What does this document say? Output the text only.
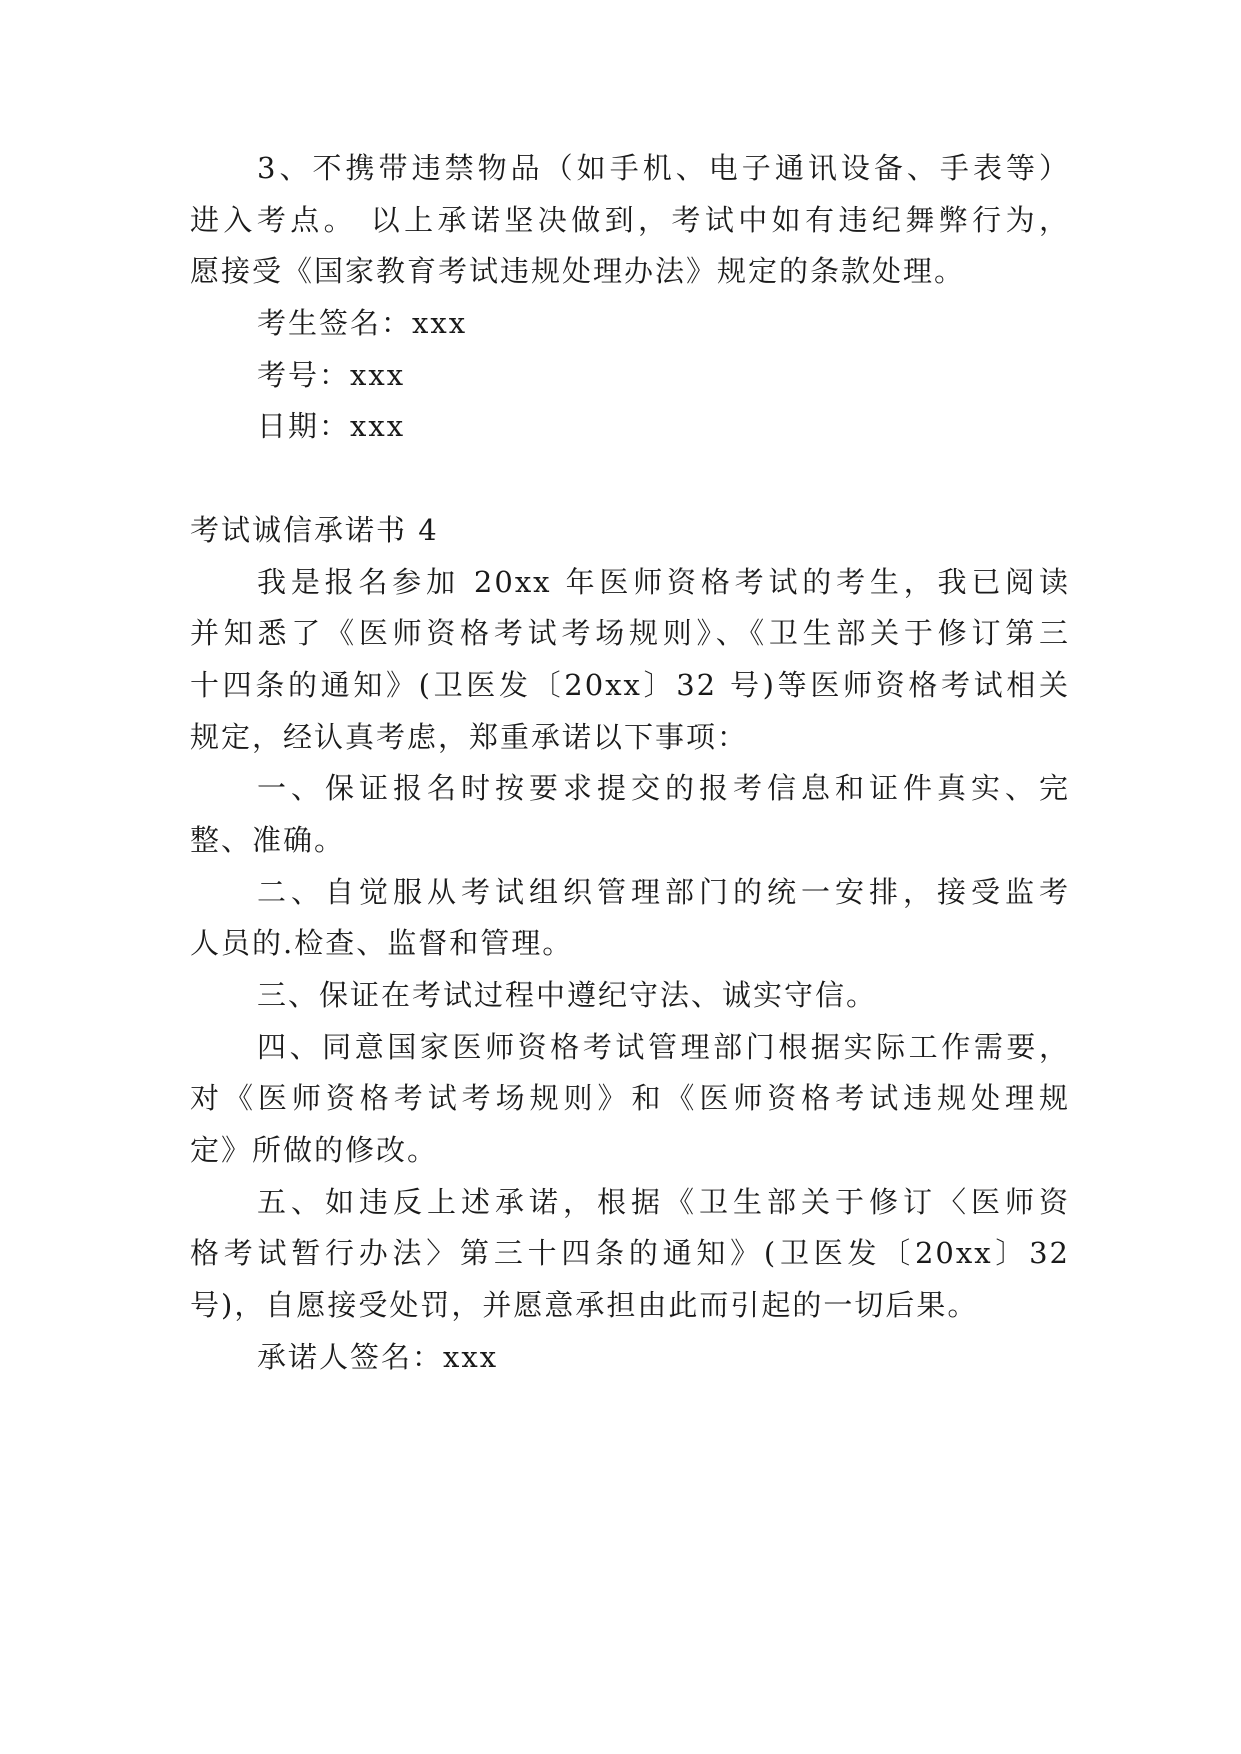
3、不携带违禁物品（如手机、电子通讯设备、手表等）
进入考点。 以上承诺坚决做到，考试中如有违纪舞弊行为，
愿接受《国家教育考试违规处理办法》规定的条款处理。
考生签名：xxx
考号：xxx
日期：xxx
考试诚信承诺书 4
我是报名参加 20xx 年医师资格考试的考生，我已阅读
并知悉了《医师资格考试考场规则》、《卫生部关于修订第三
十四条的通知》(卫医发〔20xx〕32 号)等医师资格考试相关
规定，经认真考虑，郑重承诺以下事项：
一、保证报名时按要求提交的报考信息和证件真实、完
整、准确。
二、自觉服从考试组织管理部门的统一安排，接受监考
人员的.检查、监督和管理。
三、保证在考试过程中遵纪守法、诚实守信。
四、同意国家医师资格考试管理部门根据实际工作需要，
对《医师资格考试考场规则》和《医师资格考试违规处理规
定》所做的修改。
五、如违反上述承诺，根据《卫生部关于修订〈医师资
格考试暂行办法〉第三十四条的通知》(卫医发〔20xx〕32
号)，自愿接受处罚，并愿意承担由此而引起的一切后果。
承诺人签名：xxx
